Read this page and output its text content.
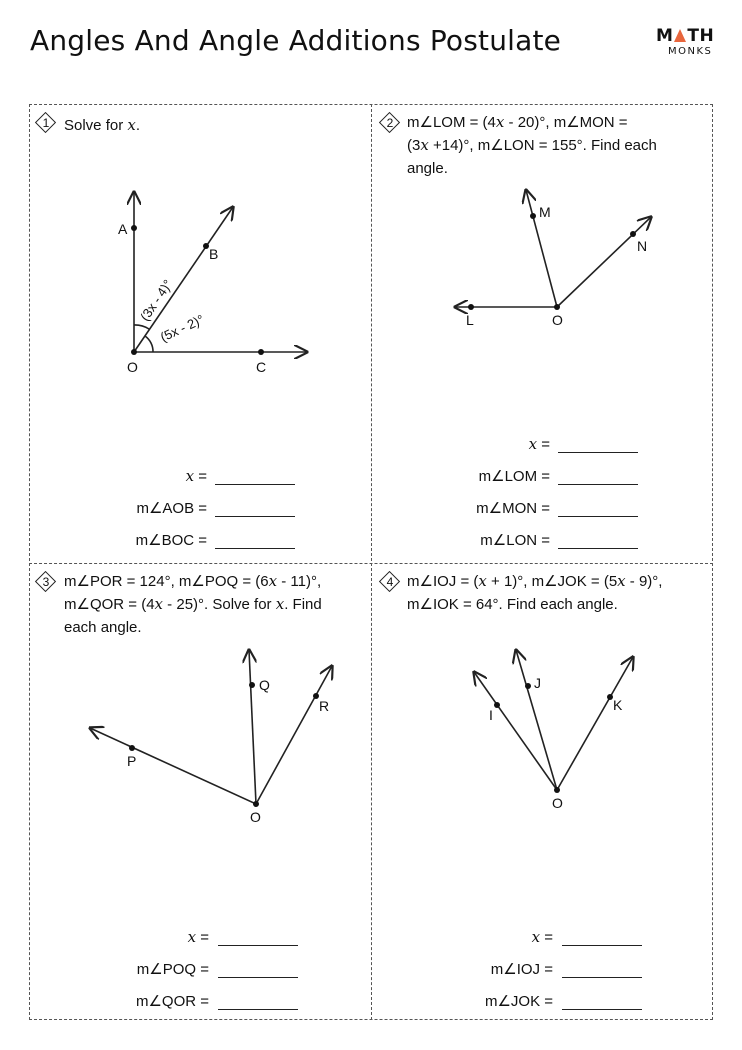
Angles And Angle Additions Postulate	M TH
MONKS
1 Solve for x.	2 m∠LOM = (4x - 20)°, m∠MON =
(3x +14)°, m∠LON = 155°. Find each
angle.
3 m∠POR = 124°, m∠POQ = (6x - 11)°,
m∠QOR = (4x - 25)°. Solve for x. Find
each angle.
4 m∠IOJ = (x + 1)°, m∠JOK = (5x - 9)°,
m∠IOK = 64°. Find each angle.
A
B
O	C
(3x - 4)°
(5x - 2)°
M
N
L	O
Q
R
P
O
J
I
K
O
x =
m∠AOB =
m∠BOC =
x =
m∠LOM =
m∠MON =
m∠LON =
x =
m∠POQ =
m∠QOR =
x =
m∠IOJ =
m∠JOK =
